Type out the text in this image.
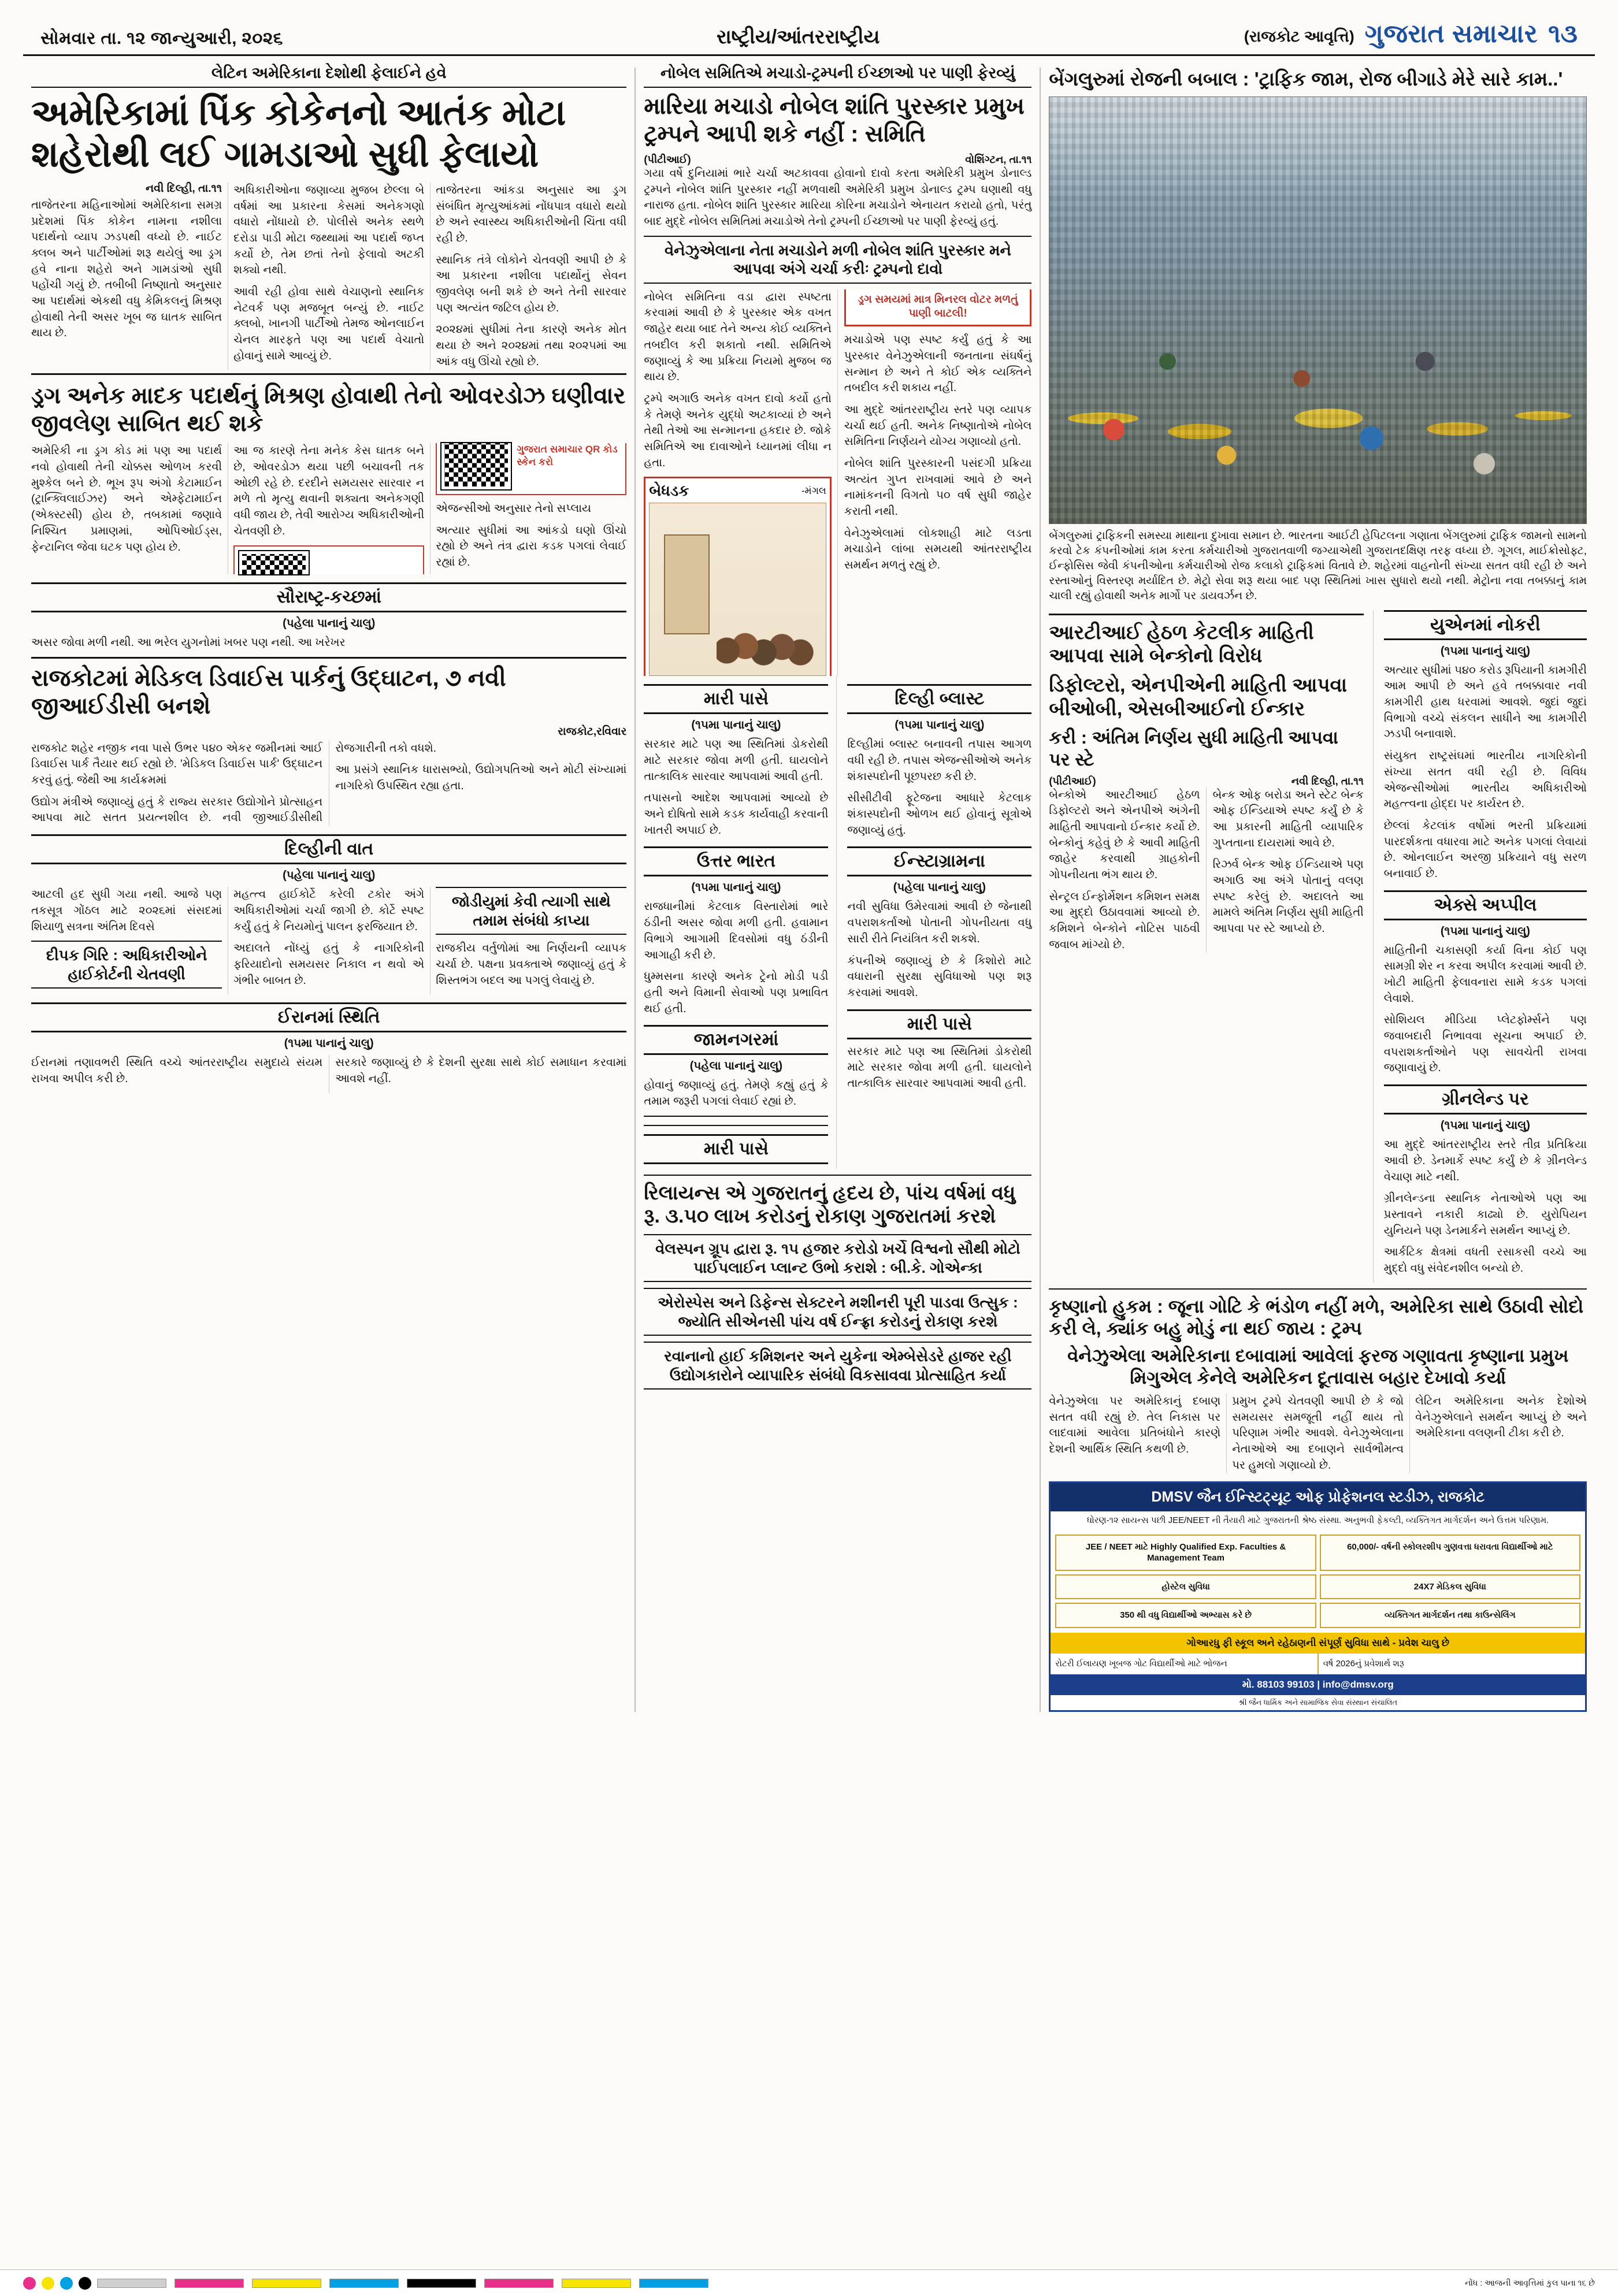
સોમવાર તા. ૧૨ જાન્યુઆરી, ૨૦૨૬	રાષ્ટ્રીય/આંતરરાષ્ટ્રીય	(રાજકોટ આવૃત્તિ) ગુજરાત સમાચાર ૧૩
લેટિન અમેરિકાના દેશોથી ફેલાઈને હવે
અમેરિકામાં પિંક કોકેનનો આતંક મોટા શહેરોથી લઈ ગામડાઓ સુધી ફેલાયો
નવી દિલ્હી, તા.૧૧

તાજેતરના મહિનાઓમાં અમેરિકાના સમગ્ર પ્રદેશમાં પિંક કોકેન નામના નશીલા પદાર્થનો વ્યાપ ઝડપથી વધ્યો છે. નાઈટ ક્લબ અને પાર્ટીઓમાં શરૂ થયેલું આ ડ્રગ હવે નાના શહેરો અને ગામડાંઓ સુધી પહોંચી ગયું છે. તબીબી નિષ્ણાતો અનુસાર આ પદાર્થમાં એકથી વધુ કેમિકલનું મિશ્રણ હોવાથી તેની અસર ખૂબ જ ઘાતક સાબિત થાય છે.

અધિકારીઓના જણાવ્યા મુજબ છેલ્લા બે વર્ષમાં આ પ્રકારના કેસમાં અનેકગણો વધારો નોંધાયો છે. પોલીસે અનેક સ્થળે દરોડા પાડી મોટા જથ્થામાં આ પદાર્થ જપ્ત કર્યો છે, તેમ છતાં તેનો ફેલાવો અટકી શક્યો નથી.

આવી રહી હોવા સાથે વેચાણનો સ્થાનિક નેટવર્ક પણ મજબૂત બન્યું છે. નાઈટ ક્લબો, ખાનગી પાર્ટીઓ તેમજ ઓનલાઈન ચેનલ મારફતે પણ આ પદાર્થ વેચાતો હોવાનું સામે આવ્યું છે.

તાજેતરના આંકડા અનુસાર આ ડ્રગ સંબંધિત મૃત્યુઆંકમાં નોંધપાત્ર વધારો થયો છે અને સ્વાસ્થ્ય અધિકારીઓની ચિંતા વધી રહી છે.

સ્થાનિક તંત્રે લોકોને ચેતવણી આપી છે કે આ પ્રકારના નશીલા પદાર્થોનું સેવન જીવલેણ બની શકે છે અને તેની સારવાર પણ અત્યંત જટિલ હોય છે.

૨૦૨૪માં સુધીમાં તેના કારણે અનેક મોત થયા છે અને ૨૦૨૪માં તથા ૨૦૨૫માં આ આંક વધુ ઊંચો રહ્યો છે.

ડ્રગ અનેક માદક પદાર્થનું મિશ્રણ હોવાથી તેનો ઓવરડોઝ ઘણીવાર જીવલેણ સાબિત થઈ શકે

અમેરિકી ના ડ્રગ કોડ માં પણ આ પદાર્થ નવો હોવાથી તેની ચોક્કસ ઓળખ કરવી મુશ્કેલ બને છે. ભૂખ રૂપ અંગો કેટામાઈન (ટ્રાન્ક્વિલાઈઝર) અને એમ્ફેટામાઈન (એક્સ્ટસી) હોય છે, તબકામાં જણાવે નિશ્ચિત પ્રમાણમાં, ઓપિઓઈડ્સ, ફેન્ટાનિલ જેવા ઘટક પણ હોય છે.

આ જ કારણે તેના મનેક કેસ ઘાતક બને છે, ઓવરડોઝ થયા પછી બચાવની તક ઓછી રહે છે. દરદીને સમયસર સારવાર ન મળે તો મૃત્યુ થવાની શક્યતા અનેકગણી વધી જાય છે, તેવી આરોગ્ય અધિકારીઓની ચેતવણી છે.

ગુજરાત સમાચાર QR કોડ સ્કેન કરો

એજન્સીઓ અનુસાર તેનો સપ્લાય

અત્યાર સુધીમાં આ આંકડો ઘણો ઊંચો રહ્યો છે અને તંત્ર દ્વારા કડક પગલાં લેવાઈ રહ્યાં છે.

સૌરાષ્ટ્ર-કચ્છમાં
(પહેલા પાનાનું ચાલુ)

અસર જોવા મળી નથી. આ ભરેલ યુગનોમાં ખબર પણ નથી. આ ખરેખર

રાજકોટમાં મેડિકલ ડિવાઈસ પાર્કનું ઉદ્ઘાટન, ૭ નવી જીઆઈડીસી બનશે
રાજકોટ,રવિવાર

રાજકોટ શહેર નજીક નવા પાસે ઉભર ૫૪૦ એકર જમીનમાં આઈ ડિવાઈસ પાર્ક તૈયાર થઈ રહ્યો છે. 'મેડિકલ ડિવાઈસ પાર્ક' ઉદ્ઘાટન કરવું હતું. જેથી આ કાર્યક્રમમાં

ઉદ્યોગ મંત્રીએ જણાવ્યું હતું કે રાજ્ય સરકાર ઉદ્યોગોને પ્રોત્સાહન આપવા માટે સતત પ્રયત્નશીલ છે. નવી જીઆઈડીસીથી રોજગારીની તકો વધશે.

આ પ્રસંગે સ્થાનિક ધારાસભ્યો, ઉદ્યોગપતિઓ અને મોટી સંખ્યામાં નાગરિકો ઉપસ્થિત રહ્યા હતા.

દિલ્હીની વાત
(પહેલા પાનાનું ચાલુ)

આટલી હદ સુધી ગયા નથી. આજે પણ તકસૂત્ર ગોંઠલ માટે ૨૦૨૬માં સંસદમાં શિયાળુ સત્રના અંતિમ દિવસે

દીપક ગિરિ : અધિકારીઓને હાઈકોર્ટની ચેતવણી

મહત્ત્વ હાઈકોર્ટે કરેલી ટકોર અંગે અધિકારીઓમાં ચર્ચા જાગી છે. કોર્ટે સ્પષ્ટ કર્યું હતું કે નિયમોનું પાલન ફરજિયાત છે.

અદાલતે નોંધ્યું હતું કે નાગરિકોની ફરિયાદોનો સમયસર નિકાલ ન થવો એ ગંભીર બાબત છે.

જોડીયુમાં કેવી ત્યાગી સાથે તમામ સંબંધો કાપ્યા

રાજકીય વર્તુળોમાં આ નિર્ણયની વ્યાપક ચર્ચા છે. પક્ષના પ્રવક્તાએ જણાવ્યું હતું કે શિસ્તભંગ બદલ આ પગલું લેવાયું છે.

ઈરાનમાં સ્થિતિ
(૧૫મા પાનાનું ચાલુ)

ઈરાનમાં તણાવભરી સ્થિતિ વચ્ચે આંતરરાષ્ટ્રીય સમુદાયે સંયમ રાખવા અપીલ કરી છે.

સરકારે જણાવ્યું છે કે દેશની સુરક્ષા સાથે કોઈ સમાધાન કરવામાં આવશે નહીં.

નોબેલ સમિતિએ મચાડો-ટ્રમ્પની ઈચ્છાઓ પર પાણી ફેરવ્યું
મારિયા મચાડો નોબેલ શાંતિ પુરસ્કાર પ્રમુખ ટ્રમ્પને આપી શકે નહીં : સમિતિ
(પીટીઆઈ)	વોશિંગ્ટન, તા.૧૧

ગયા વર્ષે દુનિયામાં ભારે ચર્ચા અટકાવવા હોવાનો દાવો કરતા અમેરિકી પ્રમુખ ડોનાલ્ડ ટ્રમ્પને નોબેલ શાંતિ પુરસ્કાર નહીં મળવાથી અમેરિકી પ્રમુખ ડોનાલ્ડ ટ્રમ્પ ઘણાથી વધુ નારાજ હતા. નોબેલ શાંતિ પુરસ્કાર મારિયા કોરિના મચાડોને એનાયત કરાયો હતો, પરંતુ બાદ મુદ્દે નોબેલ સમિતિમાં મચાડોએ તેનો ટ્રમ્પની ઈચ્છાઓ પર પાણી ફેરવ્યું હતું.

વેનેઝુએલાના નેતા મચાડોને મળી નોબેલ શાંતિ પુરસ્કાર મને આપવા અંગે ચર્ચા કરીઃ ટ્રમ્પનો દાવો

નોબેલ સમિતિના વડા દ્વારા સ્પષ્ટતા કરવામાં આવી છે કે પુરસ્કાર એક વખત જાહેર થયા બાદ તેને અન્ય કોઈ વ્યક્તિને તબદીલ કરી શકાતો નથી. સમિતિએ જણાવ્યું કે આ પ્રક્રિયા નિયમો મુજબ જ થાય છે.

ટ્રમ્પે અગાઉ અનેક વખત દાવો કર્યો હતો કે તેમણે અનેક યુદ્ધો અટકાવ્યાં છે અને તેથી તેઓ આ સન્માનના હકદાર છે. જોકે સમિતિએ આ દાવાઓને ધ્યાનમાં લીધા ન હતા.

બેધડક	-મંગલ
ડ્રગ સમયમાં માત્ર મિનરલ વોટર મળતું પાણી બાટલી!

મચાડોએ પણ સ્પષ્ટ કર્યું હતું કે આ પુરસ્કાર વેનેઝુએલાની જનતાના સંઘર્ષનું સન્માન છે અને તે કોઈ એક વ્યક્તિને તબદીલ કરી શકાય નહીં.

આ મુદ્દે આંતરરાષ્ટ્રીય સ્તરે પણ વ્યાપક ચર્ચા થઈ હતી. અનેક નિષ્ણાતોએ નોબેલ સમિતિના નિર્ણયને યોગ્ય ગણાવ્યો હતો.

નોબેલ શાંતિ પુરસ્કારની પસંદગી પ્રક્રિયા અત્યંત ગુપ્ત રાખવામાં આવે છે અને નામાંકનની વિગતો ૫૦ વર્ષ સુધી જાહેર કરાતી નથી.

વેનેઝુએલામાં લોકશાહી માટે લડતા મચાડોને લાંબા સમયથી આંતરરાષ્ટ્રીય સમર્થન મળતું રહ્યું છે.

મારી પાસે
(૧૫મા પાનાનું ચાલુ)

સરકાર માટે પણ આ સ્થિતિમાં ડોકરોથી માટે સરકાર જોવા મળી હતી. ઘાયલોને તાત્કાલિક સારવાર આપવામાં આવી હતી.

તપાસનો આદેશ આપવામાં આવ્યો છે અને દોષિતો સામે કડક કાર્યવાહી કરવાની ખાતરી અપાઈ છે.

ઉત્તર ભારત
(૧૫મા પાનાનું ચાલુ)

રાજધાનીમાં કેટલાક વિસ્તારોમાં ભારે ઠંડીની અસર જોવા મળી હતી. હવામાન વિભાગે આગામી દિવસોમાં વધુ ઠંડીની આગાહી કરી છે.

ધુમ્મસના કારણે અનેક ટ્રેનો મોડી પડી હતી અને વિમાની સેવાઓ પણ પ્રભાવિત થઈ હતી.

જામનગરમાં
(પહેલા પાનાનું ચાલુ)

હોવાનું જણાવ્યું હતું. તેમણે કહ્યું હતું કે તમામ જરૂરી પગલાં લેવાઈ રહ્યાં છે.

મારી પાસે
દિલ્હી બ્લાસ્ટ
(૧૫મા પાનાનું ચાલુ)

દિલ્હીમાં બ્લાસ્ટ બનાવની તપાસ આગળ વધી રહી છે. તપાસ એજન્સીઓએ અનેક શંકાસ્પદોની પૂછપરછ કરી છે.

સીસીટીવી ફૂટેજના આધારે કેટલાક શંકાસ્પદોની ઓળખ થઈ હોવાનું સૂત્રોએ જણાવ્યું હતું.

ઈન્સ્ટાગ્રામના
(પહેલા પાનાનું ચાલુ)

નવી સુવિધા ઉમેરવામાં આવી છે જેનાથી વપરાશકર્તાઓ પોતાની ગોપનીયતા વધુ સારી રીતે નિયંત્રિત કરી શકશે.

કંપનીએ જણાવ્યું છે કે કિશોરો માટે વધારાની સુરક્ષા સુવિધાઓ પણ શરૂ કરવામાં આવશે.

મારી પાસે

સરકાર માટે પણ આ સ્થિતિમાં ડોકરોથી માટે સરકાર જોવા મળી હતી. ઘાયલોને તાત્કાલિક સારવાર આપવામાં આવી હતી.

રિલાયન્સ એ ગુજરાતનું હૃદય છે, પાંચ વર્ષમાં વધુ રૂ. ૩.૫૦ લાખ કરોડનું રોકાણ ગુજરાતમાં કરશે
વેલસ્પન ગ્રૂપ દ્વારા રૂ. ૧૫ હજાર કરોડો ખર્ચે વિશ્વનો સૌથી મોટો પાઈપલાઈન પ્લાન્ટ ઉભો કરાશે : બી.કે. ગોએન્કા
એરોસ્પેસ અને ડિફેન્સ સેક્ટરને મશીનરી પૂરી પાડવા ઉત્સુક : જ્યોતિ સીએનસી પાંચ વર્ષ ઈન્ફ્રા કરોડનું રોકાણ કરશે
રવાનાનો હાઈ કમિશનર અને યુકેના એમ્બેસેડરે હાજર રહી ઉદ્યોગકારોને વ્યાપારિક સંબંધો વિકસાવવા પ્રોત્સાહિત કર્યા
બેંગલુરુમાં રોજની બબાલ : 'ટ્રાફિક જામ, રોજ બીગાડે મેરે સારે કામ..'
બેંગલુરુમાં ટ્રાફિકની સમસ્યા માથાના દુખાવા સમાન છે. ભારતના આઈટી હેપિટલના ગણાતા બેંગલુરુમાં ટ્રાફિક જામનો સામનો કરવો ટેક કંપનીઓમાં કામ કરતા કર્મચારીઓ ગુજરાતવાળી જગ્યાએથી ગુજરાતદક્ષિણ તરફ વધ્યા છે. ગૂગલ, માઈક્રોસોફ્ટ, ઈન્ફોસિસ જેવી કંપનીઓના કર્મચારીઓ રોજ કલાકો ટ્રાફિકમાં વિતાવે છે. શહેરમાં વાહનોની સંખ્યા સતત વધી રહી છે અને રસ્તાઓનું વિસ્તરણ મર્યાદિત છે. મેટ્રો સેવા શરૂ થયા બાદ પણ સ્થિતિમાં ખાસ સુધારો થયો નથી. મેટ્રોના નવા તબક્કાનું કામ ચાલી રહ્યું હોવાથી અનેક માર્ગો પર ડાયવર્ઝન છે.
આરટીઆઈ હેઠળ કેટલીક માહિતી આપવા સામે બેન્કોનો વિરોધ
ડિફોલ્ટરો, એનપીએની માહિતી આપવા બીઓબી, એસબીઆઈનો ઈન્કાર
કરી : અંતિમ નિર્ણય સુધી માહિતી આપવા પર સ્ટે
(પીટીઆઈ)	નવી દિલ્હી, તા.૧૧

બેન્કોએ આરટીઆઈ હેઠળ ડિફોલ્ટરો અને એનપીએ અંગેની માહિતી આપવાનો ઈન્કાર કર્યો છે. બેન્કોનું કહેવું છે કે આવી માહિતી જાહેર કરવાથી ગ્રાહકોની ગોપનીયતા ભંગ થાય છે.

સેન્ટ્રલ ઈન્ફોર્મેશન કમિશન સમક્ષ આ મુદ્દો ઉઠાવવામાં આવ્યો છે. કમિશને બેન્કોને નોટિસ પાઠવી જવાબ માંગ્યો છે.

બેન્ક ઓફ બરોડા અને સ્ટેટ બેન્ક ઓફ ઈન્ડિયાએ સ્પષ્ટ કર્યું છે કે આ પ્રકારની માહિતી વ્યાપારિક ગુપ્તતાના દાયરામાં આવે છે.

રિઝર્વ બેન્ક ઓફ ઈન્ડિયાએ પણ અગાઉ આ અંગે પોતાનું વલણ સ્પષ્ટ કરેલું છે. અદાલતે આ મામલે અંતિમ નિર્ણય સુધી માહિતી આપવા પર સ્ટે આપ્યો છે.

યુએનમાં નોકરી
(૧૫મા પાનાનું ચાલુ)

અત્યાર સુધીમાં ૫૪૦ કરોડ રૂપિયાની કામગીરી આમ આપી છે અને હવે તબક્કાવાર નવી કામગીરી હાથ ધરવામાં આવશે. જુદાં જુદાં વિભાગો વચ્ચે સંકલન સાધીને આ કામગીરી ઝડપી બનાવાશે.

સંયુક્ત રાષ્ટ્રસંઘમાં ભારતીય નાગરિકોની સંખ્યા સતત વધી રહી છે. વિવિધ એજન્સીઓમાં ભારતીય અધિકારીઓ મહત્ત્વના હોદ્દા પર કાર્યરત છે.

છેલ્લાં કેટલાંક વર્ષોમાં ભરતી પ્રક્રિયામાં પારદર્શકતા વધારવા માટે અનેક પગલાં લેવાયાં છે. ઓનલાઈન અરજી પ્રક્રિયાને વધુ સરળ બનાવાઈ છે.

એક્સે અપ્પીલ
(૧૫મા પાનાનું ચાલુ)

માહિતીની ચકાસણી કર્યા વિના કોઈ પણ સામગ્રી શેર ન કરવા અપીલ કરવામાં આવી છે. ખોટી માહિતી ફેલાવનારા સામે કડક પગલાં લેવાશે.

સોશિયલ મીડિયા પ્લેટફોર્મ્સને પણ જવાબદારી નિભાવવા સૂચના અપાઈ છે. વપરાશકર્તાઓને પણ સાવચેતી રાખવા જણાવાયું છે.

ગ્રીનલેન્ડ પર
(૧૫મા પાનાનું ચાલુ)

આ મુદ્દે આંતરરાષ્ટ્રીય સ્તરે તીવ્ર પ્રતિક્રિયા આવી છે. ડેનમાર્કે સ્પષ્ટ કર્યું છે કે ગ્રીનલેન્ડ વેચાણ માટે નથી.

ગ્રીનલેન્ડના સ્થાનિક નેતાઓએ પણ આ પ્રસ્તાવને નકારી કાઢ્યો છે. યુરોપિયન યુનિયને પણ ડેનમાર્કને સમર્થન આપ્યું છે.

આર્કટિક ક્ષેત્રમાં વધતી રસાકસી વચ્ચે આ મુદ્દો વધુ સંવેદનશીલ બન્યો છે.

કૃષ્ણાનો હુકમ : જૂના ગોટિ કે ભંડોળ નહીં મળે, અમેરિકા સાથે ઉઠાવી સોદો કરી લે, ક્યાંક બહુ મોડું ના થઈ જાય : ટ્રમ્પ
વેનેઝુએલા અમેરિકાના દબાવામાં આવેલાં ફરજ ગણાવતા કૃષ્ણાના પ્રમુખ મિગુએલ કેનેલે અમેરિકન દૂતાવાસ બહાર દેખાવો કર્યા

વેનેઝુએલા પર અમેરિકાનું દબાણ સતત વધી રહ્યું છે. તેલ નિકાસ પર લાદવામાં આવેલા પ્રતિબંધોને કારણે દેશની આર્થિક સ્થિતિ કથળી છે.

પ્રમુખ ટ્રમ્પે ચેતવણી આપી છે કે જો સમયસર સમજૂતી નહીં થાય તો પરિણામ ગંભીર આવશે. વેનેઝુએલાના નેતાઓએ આ દબાણને સાર્વભૌમત્વ પર હુમલો ગણાવ્યો છે.

લેટિન અમેરિકાના અનેક દેશોએ વેનેઝુએલાને સમર્થન આપ્યું છે અને અમેરિકાના વલણની ટીકા કરી છે.

DMSV જૈન ઈન્સ્ટિટ્યૂટ ઓફ પ્રોફેશનલ સ્ટડીઝ, રાજકોટ
ધોરણ-૧૨ સાયન્સ પછી JEE/NEET ની તૈયારી માટે ગુજરાતની શ્રેષ્ઠ સંસ્થા. અનુભવી ફેકલ્ટી, વ્યક્તિગત માર્ગદર્શન અને ઉત્તમ પરિણામ.
JEE / NEET માટે Highly Qualified Exp. Faculties & Management Team
60,000/- વર્ષની સ્કોલરશીપ ગુણવત્તા ધરાવતા વિદ્યાર્થીઓ માટે
હોસ્ટેલ સુવિધા	24X7 મેડિકલ સુવિધા
350 થી વધુ વિદ્યાર્થીઓ અભ્યાસ કરે છે	વ્યક્તિગત માર્ગદર્શન તથા કાઉન્સેલિંગ
ગોઆરધુ ફી સ્કૂલ અને રહેઠાણની સંપૂર્ણ સુવિધા સાથે - પ્રવેશ ચાલુ છે
રોટરી ઈલાયણ ખૂબજ ગોટ વિદ્યાર્થીઓ માટે ભોજન	વર્ષ 2026નું પ્રવેશાર્થ શરૂ
મો. 88103 99103 | info@dmsv.org
શ્રી જૈન ધાર્મિક અને સામાજિક સેવા સંસ્થાન સંચાલિત
નોંધ : આજની આવૃત્તિમાં કુલ પાના ૧૬ છે
